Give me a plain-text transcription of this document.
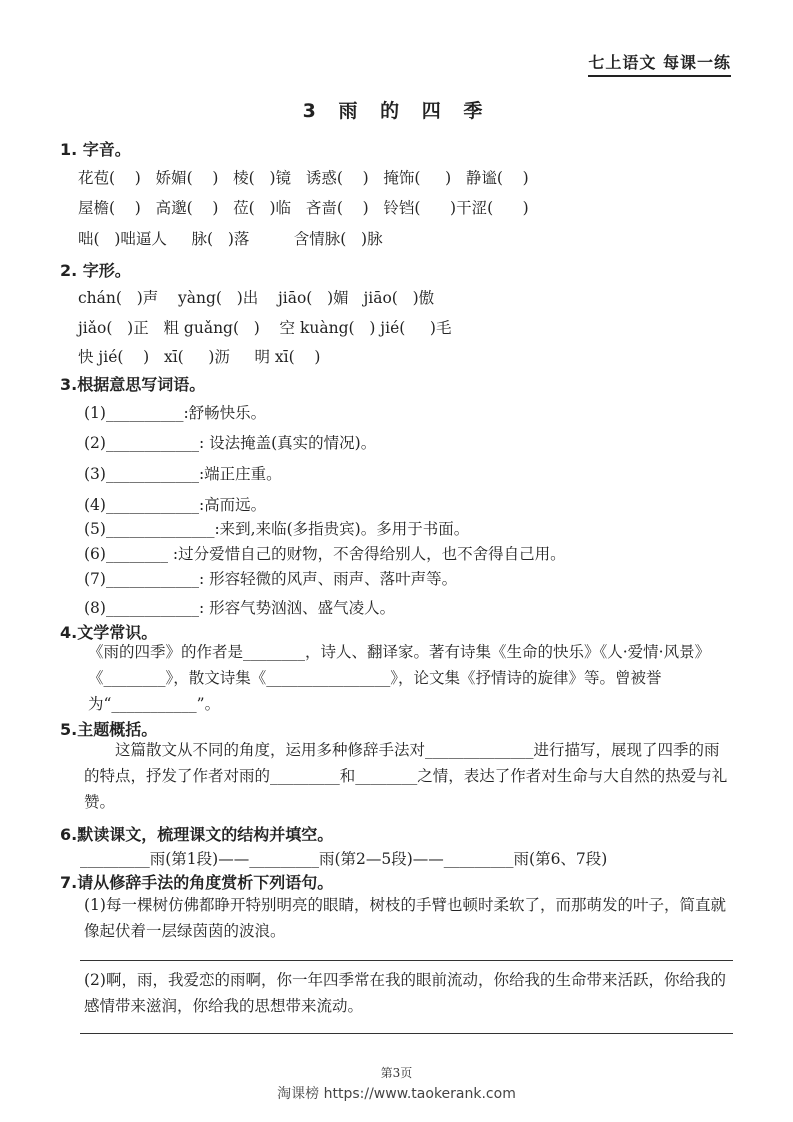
七上语文 每课一练
3 雨 的 四 季
1. 字音。
花苞(    )   娇媚(    )   棱(   )镜   诱惑(    )   掩饰(     )   静谧(    )
屋檐(    )   高邈(    )   莅(   )临   吝啬(    )   铃铛(      )干涩(      )
咄(   )咄逼人     脉(   )落         含情脉(   )脉
2. 字形。
chán(   )声    yàng(   )出    jiāo(   )媚   jiāo(   )傲
jiǎo(   )正   粗 guǎng(   )    空 kuàng(   ) jié(     )毛
快 jié(    )   xī(     )沥     明 xī(    )
3.根据意思写词语。
(1)__________:舒畅快乐。
(2)____________: 设法掩盖(真实的情况)。
(3)____________:端正庄重。
(4)____________:高而远。
(5)______________:来到,来临(多指贵宾)。多用于书面。
(6)________ :过分爱惜自己的财物，不舍得给别人，也不舍得自己用。
(7)____________: 形容轻微的风声、雨声、落叶声等。
(8)____________: 形容气势汹汹、盛气凌人。
4.文学常识。

《雨的四季》的作者是________，诗人、翻译家。著有诗集《生命的快乐》《人·爱情·风景》《________》，散文诗集《________________》，论文集《抒情诗的旋律》等。曾被誉为“___________”。

5.主题概括。

这篇散文从不同的角度，运用多种修辞手法对______________进行描写，展现了四季的雨的特点，抒发了作者对雨的_________和________之情，表达了作者对生命与大自然的热爱与礼赞。

6.默读课文，梳理课文的结构并填空。
_________雨(第1段)——_________雨(第2—5段)——_________雨(第6、7段)
7.请从修辞手法的角度赏析下列语句。

(1)每一棵树仿佛都睁开特别明亮的眼睛，树枝的手臂也顿时柔软了，而那萌发的叶子，简直就像起伏着一层绿茵茵的波浪。

(2)啊，雨，我爱恋的雨啊，你一年四季常在我的眼前流动，你给我的生命带来活跃，你给我的感情带来滋润，你给我的思想带来流动。

第3页
淘课榜 https://www.taokerank.com
